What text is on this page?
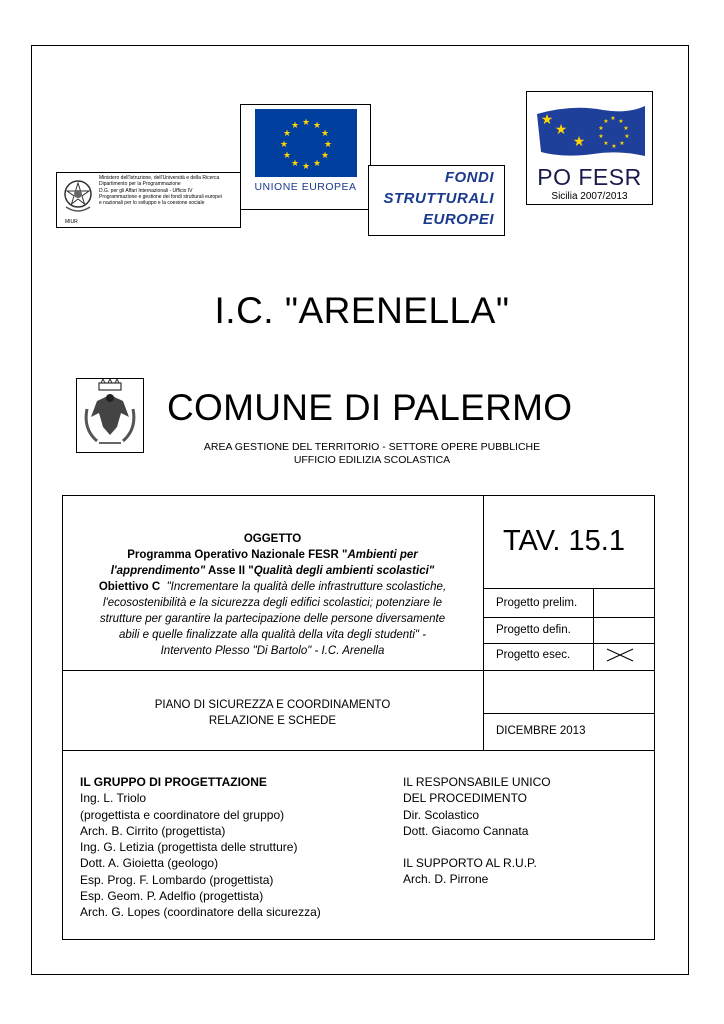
Ministero dell'Istruzione, dell'Università e della Ricerca
Dipartimento per la Programmazione
D.G. per gli Affari Internazionali - Ufficio IV
Programmazione e gestione dei fondi strutturali europei
e nazionali per lo sviluppo e la coesione sociale
MIUR
★ ★
★
★
★
★
★
★
★
★
★
★
UNIONE EUROPEA
FONDI
STRUTTURALI
EUROPEI
★
★
★
★ ★
★
★
★
★
★
★
★
★
PO FESR
Sicilia 2007/2013
I.C. "ARENELLA"
COMUNE DI PALERMO
AREA GESTIONE DEL TERRITORIO - SETTORE OPERE PUBBLICHE
UFFICIO EDILIZIA SCOLASTICA
OGGETTO
Programma Operativo Nazionale FESR "Ambienti per
l'apprendimento" Asse II "Qualità degli ambienti scolastici"
Obiettivo C "Incrementare la qualità delle infrastrutture scolastiche,
l'ecosostenibilità e la sicurezza degli edifici scolastici; potenziare le
strutture per garantire la partecipazione delle persone diversamente
abili e quelle finalizzate alla qualità della vita degli studenti" -
Intervento Plesso "Di Bartolo" - I.C. Arenella
TAV. 15.1
Progetto prelim.
Progetto defin.
Progetto esec.
PIANO DI SICUREZZA E COORDINAMENTO
RELAZIONE E SCHEDE
DICEMBRE 2013
IL GRUPPO DI PROGETTAZIONE
Ing. L. Triolo
(progettista e coordinatore del gruppo)
Arch. B. Cirrito (progettista)
Ing. G. Letizia (progettista delle strutture)
Dott. A. Gioietta (geologo)
Esp. Prog. F. Lombardo (progettista)
Esp. Geom. P. Adelfio (progettista)
Arch. G. Lopes (coordinatore della sicurezza)
IL RESPONSABILE UNICO
DEL PROCEDIMENTO
Dir. Scolastico
Dott. Giacomo Cannata
IL SUPPORTO AL R.U.P.
Arch. D. Pirrone
